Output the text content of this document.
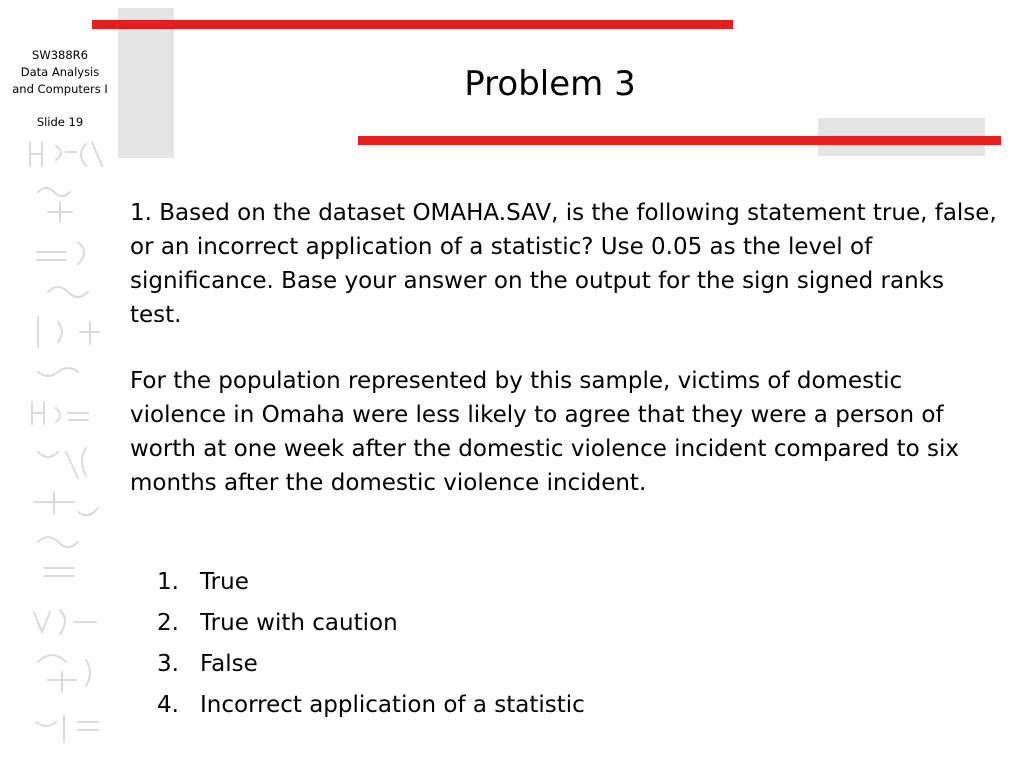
SW388R6
Data Analysis
and Computers I
Slide 19
Problem 3

1. Based on the dataset OMAHA.SAV, is the following statement true, false, or an incorrect application of a statistic? Use 0.05 as the level of significance. Base your answer on the output for the sign signed ranks test.

For the population represented by this sample, victims of domestic violence in Omaha were less likely to agree that they were a person of worth at one week after the domestic violence incident compared to six months after the domestic violence incident.

1. True
2. True with caution
3. False
4. Incorrect application of a statistic
